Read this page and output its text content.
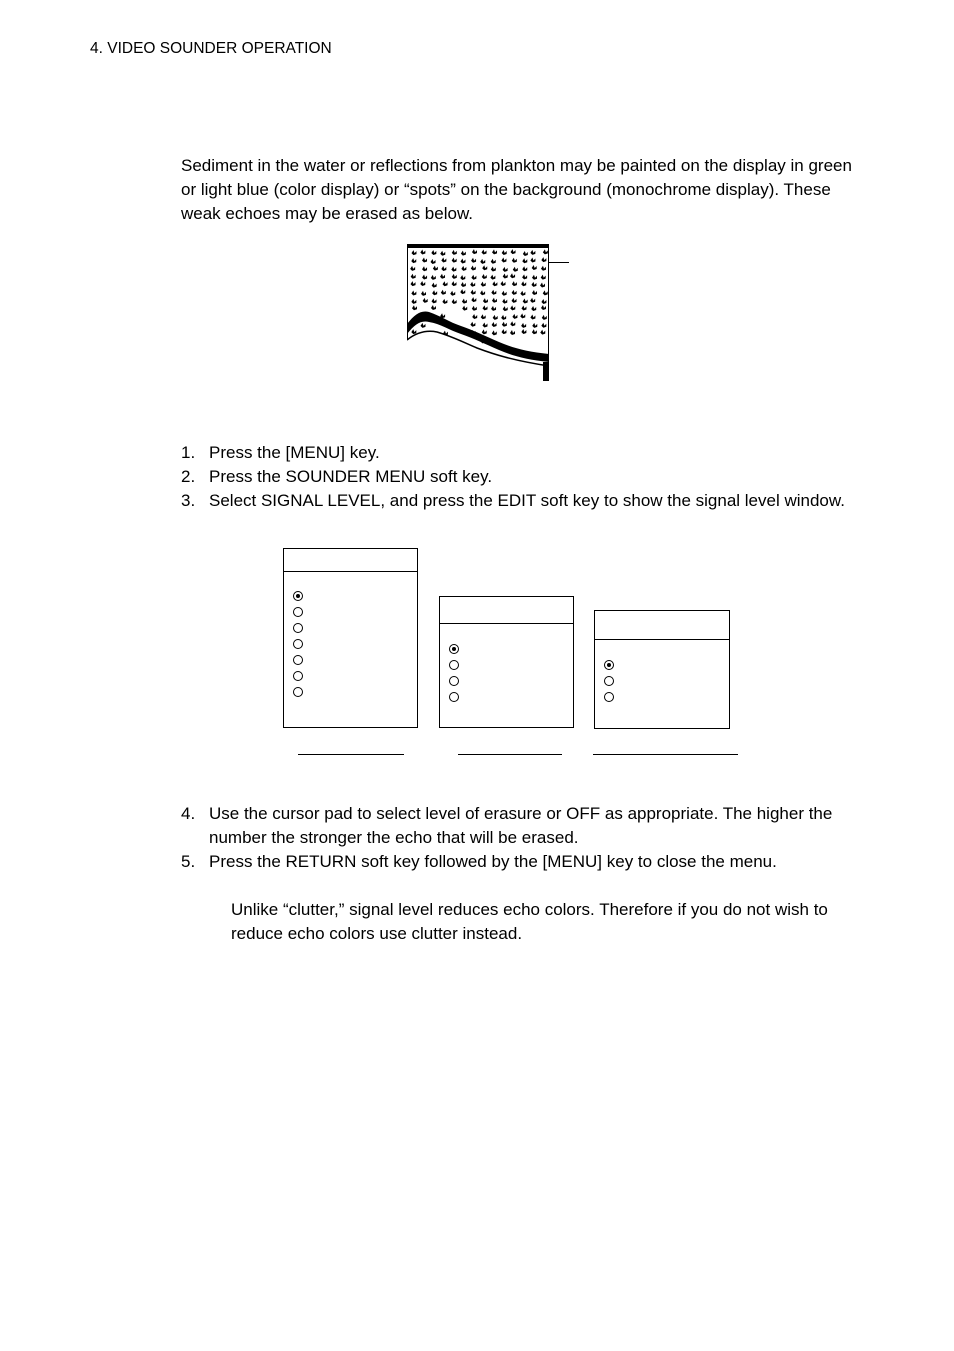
4. VIDEO SOUNDER OPERATION
Sediment in the water or reflections from plankton may be painted on the display in green or light blue (color display) or “spots” on the background (monochrome display). These weak echoes may be erased as below.
1. Press the [MENU] key.
2. Press the SOUNDER MENU soft key.
3. Select SIGNAL LEVEL, and press the EDIT soft key to show the signal level window.
4. Use the cursor pad to select level of erasure or OFF as appropriate. The higher the number the stronger the echo that will be erased.
5. Press the RETURN soft key followed by the [MENU] key to close the menu.
Unlike “clutter,” signal level reduces echo colors. Therefore if you do not wish to reduce echo colors use clutter instead.
